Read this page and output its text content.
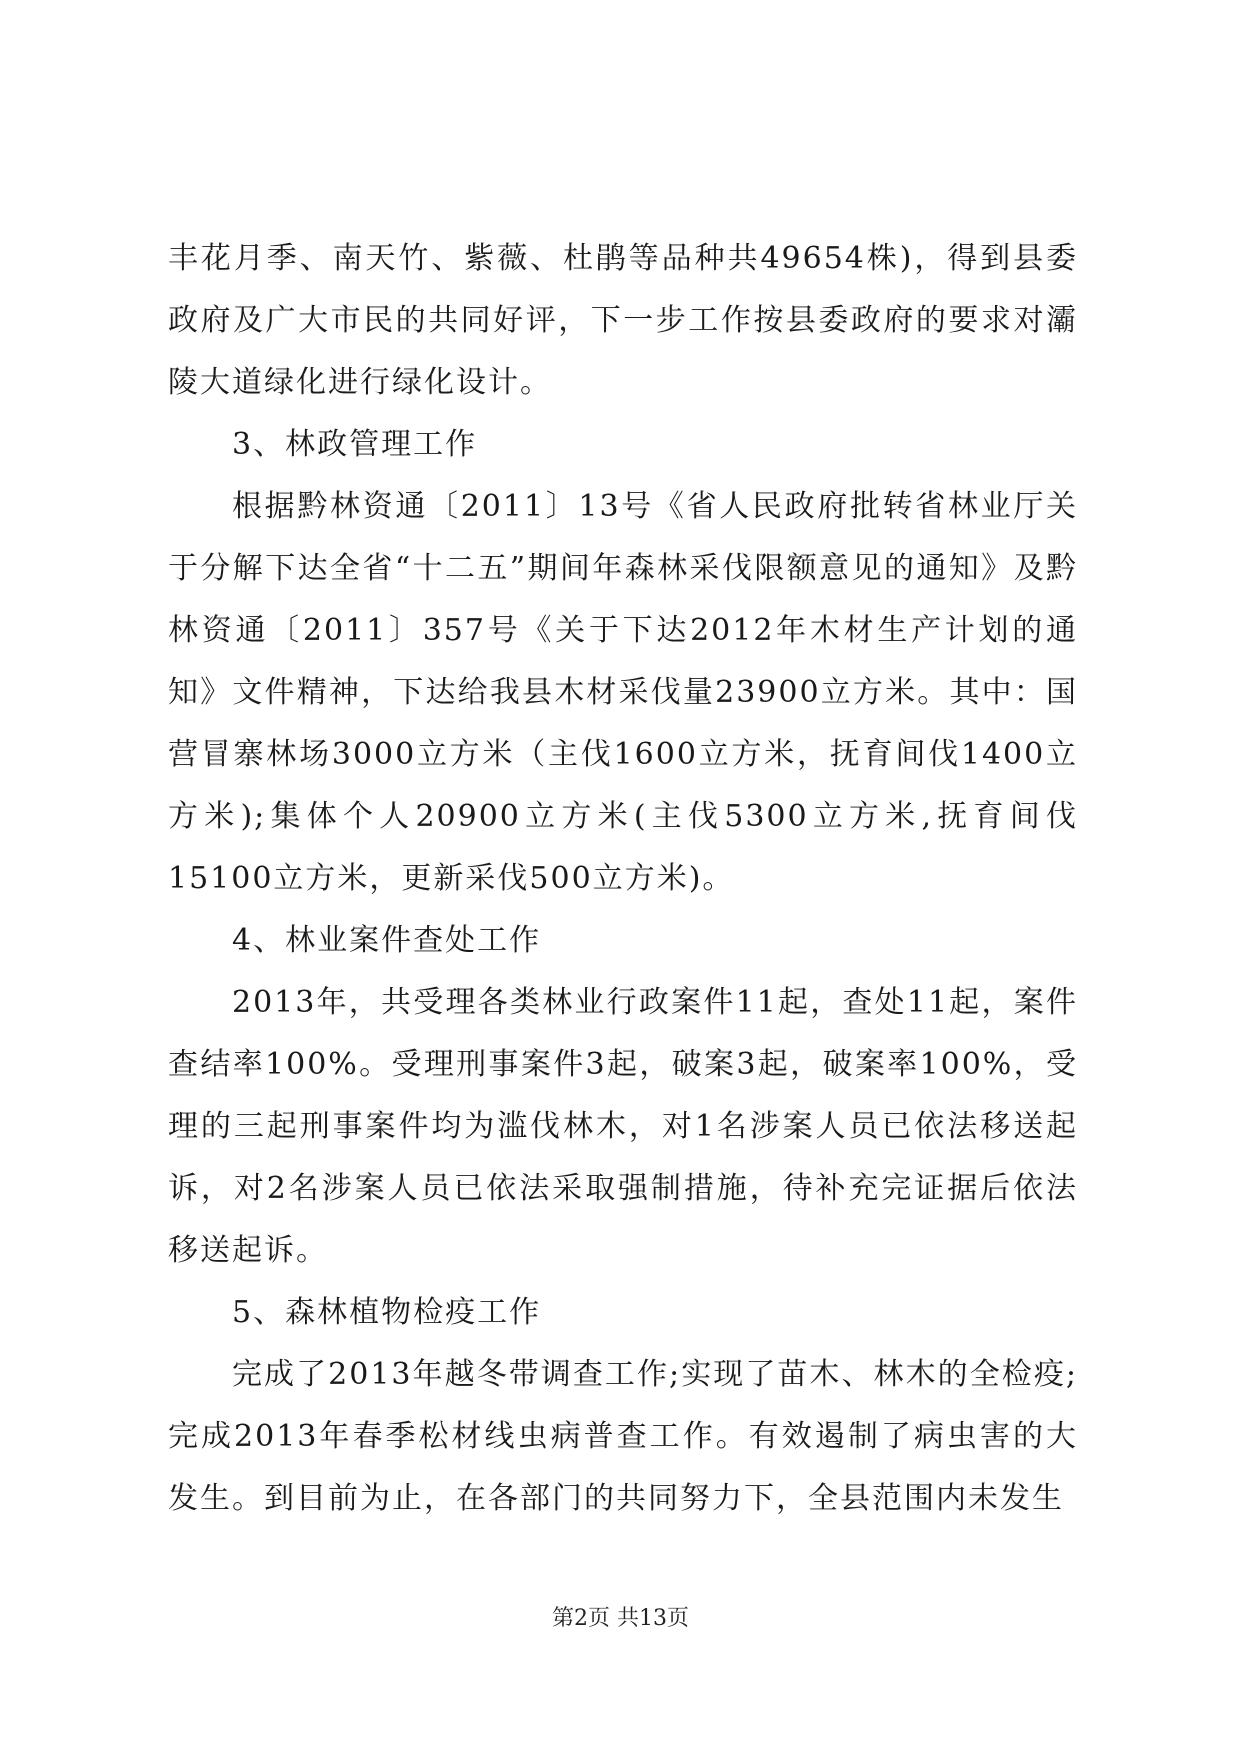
丰花月季、南天竹、紫薇、杜鹃等品种共49654株)，得到县委政府及广大市民的共同好评，下一步工作按县委政府的要求对灞陵大道绿化进行绿化设计。

3、林政管理工作

根据黔林资通〔2011〕13号《省人民政府批转省林业厅关于分解下达全省“十二五”期间年森林采伐限额意见的通知》及黔林资通〔2011〕357号《关于下达2012年木材生产计划的通知》文件精神，下达给我县木材采伐量23900立方米。其中：国营冒寨林场3000立方米（主伐1600立方米，抚育间伐1400立方米);集体个人20900立方米(主伐5300立方米,抚育间伐15100立方米，更新采伐500立方米)。

4、林业案件查处工作

2013年，共受理各类林业行政案件11起，查处11起，案件查结率100%。受理刑事案件3起，破案3起，破案率100%，受理的三起刑事案件均为滥伐林木，对1名涉案人员已依法移送起诉，对2名涉案人员已依法采取强制措施，待补充完证据后依法移送起诉。

5、森林植物检疫工作

完成了2013年越冬带调查工作;实现了苗木、林木的全检疫;完成2013年春季松材线虫病普查工作。有效遏制了病虫害的大发生。到目前为止，在各部门的共同努力下，全县范围内未发生

第2页 共13页
